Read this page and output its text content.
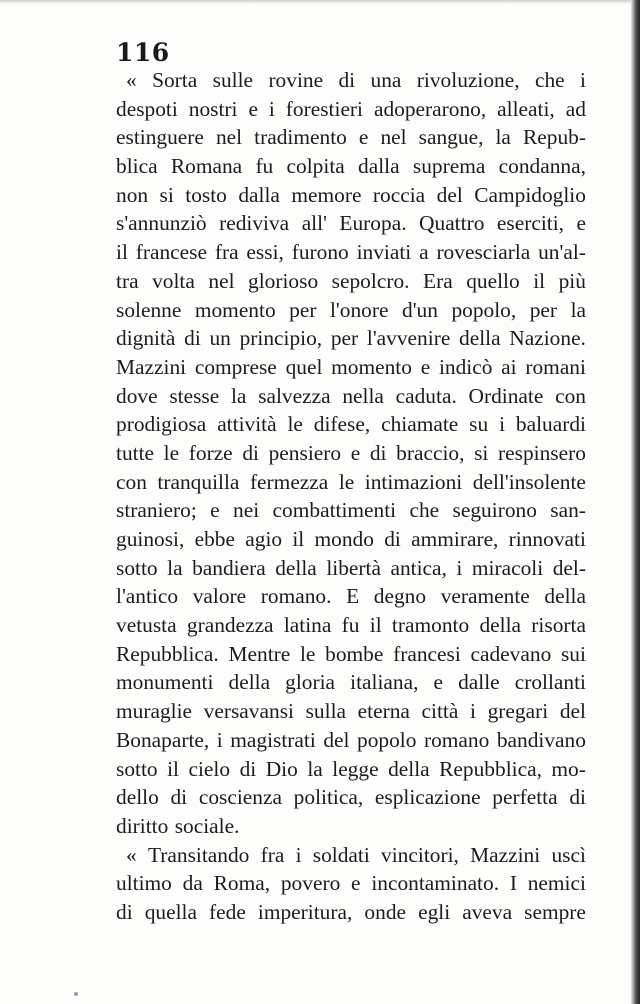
116
« Sorta sulle rovine di una rivoluzione, che i
despoti nostri e i forestieri adoperarono, alleati, ad
estinguere nel tradimento e nel sangue, la Repub-
blica Romana fu colpita dalla suprema condanna,
non si tosto dalla memore roccia del Campidoglio
s'annunziò rediviva all' Europa. Quattro eserciti, e
il francese fra essi, furono inviati a rovesciarla un'al-
tra volta nel glorioso sepolcro. Era quello il più
solenne momento per l'onore d'un popolo, per la
dignità di un principio, per l'avvenire della Nazione.
Mazzini comprese quel momento e indicò ai romani
dove stesse la salvezza nella caduta. Ordinate con
prodigiosa attività le difese, chiamate su i baluardi
tutte le forze di pensiero e di braccio, si respinsero
con tranquilla fermezza le intimazioni dell'insolente
straniero; e nei combattimenti che seguirono san-
guinosi, ebbe agio il mondo di ammirare, rinnovati
sotto la bandiera della libertà antica, i miracoli del-
l'antico valore romano. E degno veramente della
vetusta grandezza latina fu il tramonto della risorta
Repubblica. Mentre le bombe francesi cadevano sui
monumenti della gloria italiana, e dalle crollanti
muraglie versavansi sulla eterna città i gregari del
Bonaparte, i magistrati del popolo romano bandivano
sotto il cielo di Dio la legge della Repubblica, mo-
dello di coscienza politica, esplicazione perfetta di
diritto sociale.
« Transitando fra i soldati vincitori, Mazzini uscì
ultimo da Roma, povero e incontaminato. I nemici
di quella fede imperitura, onde egli aveva sempre
